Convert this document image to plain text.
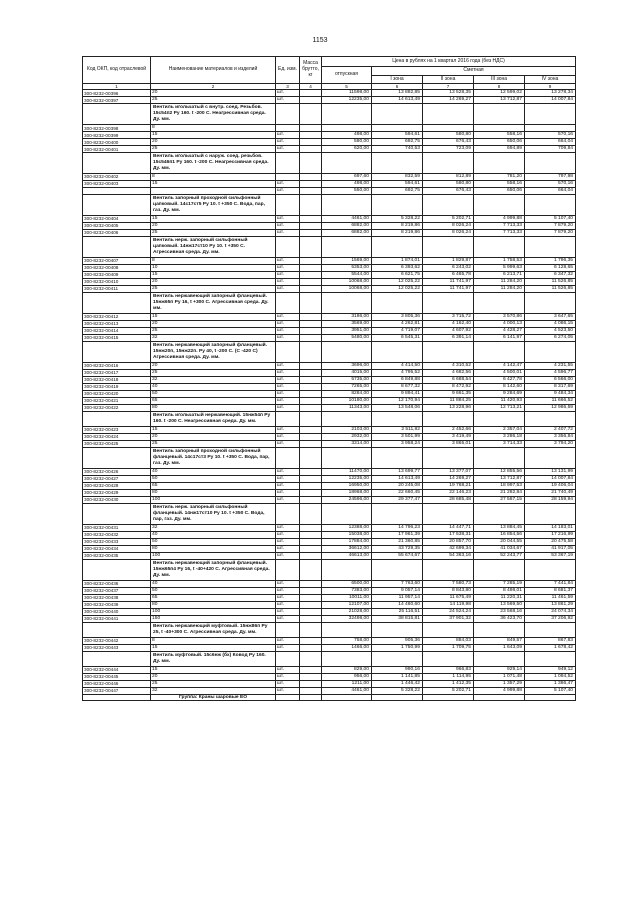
1153
Код ОКП, код отраслевой	Наименование материалов и изделий	Ед. изм.	Масса брутто, кг	Цена в рублях на 1 квартал 2016 года (без НДС)				
				отпускная	Сметная			
					I зона	II зона	III зона	IV зона
1	2	3	4	5	6	7	8	9
300-8232-00396	20	шт.		11598,00	13 882,85	13 528,35	12 599,02	13 278,34
300-8232-00397	25	шт.		12235,00	14 613,49	14 269,27	13 712,87	14 007,84
	Вентиль игольчатый с внутр. соед. Резьбов. 15с54п2 Ру 160. t -200 С. Неагрессивная среда. Ду. мм.							
300-8232-00398	8							
300-8232-00399	15	шт.		498,00	594,61	580,80	558,16	570,16
300-8232-00400	20	шт.		580,00	692,75	676,43	650,06	664,04
300-8232-00401	25	шт.		620,00	740,53	723,09	694,89	709,84
	Вентиль игольчатый с наруж. соед. резьбов. 15с546п1 Ру 160. t -200 С. Неагрессивная среда. Ду. мм.							
300-8232-00402	8			697,60	832,59	812,89	781,20	797,98
300-8232-00403	15	шт.		498,00	594,61	580,80	558,16	570,16
		шт.		550,00	692,75	676,43	650,06	664,04
	Вентиль запорный проходной сильфонный цапковый. 14с17ст5 Ру 10. t +350 С. Вода, пар, газ. Ду. мм.							
300-8232-00404	15	шт.		4461,00	5 328,22	5 202,71	4 999,88	5 107,40
300-8232-00405	20	шт.		6882,00	8 219,86	8 026,24	7 713,33	7 879,20
300-8232-00406	25	шт.		6882,00	8 219,86	8 026,24	7 713,33	7 879,20
	Вентиль нерж. запорный сильфонный цапковый. 14нж17ст10 Ру 10. t +350 С. Агрессивная среда. Ду. мм.							
300-8232-00407	8	шт.		1569,00	1 874,01	1 829,87	1 758,53	1 796,35
300-8232-00408	10	шт.		5353,00	6 393,62	6 243,02	5 999,63	6 128,65
300-8232-00409	15	шт.		5544,00	6 621,75	6 465,78	6 213,71	6 347,32
300-8232-00410	20	шт.		10068,00	12 025,22	11 741,97	11 284,20	11 526,85
300-8232-00411	25	шт.		10068,00	12 025,22	11 741,97	11 284,20	11 526,85
	Вентиль нержавеющий запорный фланцевый. 15нж65п Ру 16, t +300 С. Агрессивная среда. Ду. мм.							
300-8232-00412	15	шт.		3186,00	3 805,36	3 715,72	3 570,86	3 647,65
300-8232-00413	20	шт.		3569,00	4 262,81	4 162,40	4 000,13	4 086,15
300-8232-00414	25	шт.		3951,00	4 719,07	4 607,92	4 428,27	4 523,50
300-8232-00415	32	шт.		5480,00	6 545,31	6 391,14	6 141,97	6 274,05
	Вентиль нержавеющий запорный фланцевый. 15нж20п, 15нж22п. Ру 40, t -200 С. (С -420 С) Агрессивная среда. Ду. мм.							
300-8232-00416	20	шт.		3696,00	4 414,50	4 310,52	4 142,47	4 231,55
300-8232-00417	25	шт.		4015,00	4 795,52	4 682,56	4 500,01	4 596,77
300-8232-00418	32	шт.		5735,00	6 849,88	6 688,54	6 427,78	6 566,00
300-8232-00419	40	шт.		7265,00	8 677,32	8 472,92	8 142,60	8 317,69
300-8232-00420	50	шт.		8284,00	9 894,41	9 661,35	9 284,69	9 484,34
300-8232-00421	65	шт.		10180,00	12 170,94	11 884,25	11 420,93	11 666,52
300-8232-00422	80	шт.		11343,00	13 548,06	13 228,96	12 713,21	12 986,59
	Вентиль игольчатый нержавеющий. 15нж54п Ру 160. t -200 С. Неагрессивная среда. Ду. мм.							
300-8232-00423	15	шт.		2103,00	2 511,82	2 452,66	2 357,04	2 407,72
300-8232-00424	20	шт.		2932,00	3 501,99	3 419,49	3 286,18	3 356,84
300-8232-00425	25	шт.		3314,00	3 958,24	3 865,01	3 714,33	3 794,20
	Вентиль запорный проходной сильфонный фланцевый. 14с17ст3 Ру 10. t +350 С. Вода, пар, газ. Ду. мм.							
300-8232-00426	40	шт.		11470,00	13 699,77	13 377,07	12 855,56	13 131,99
300-8232-00427	50	шт.		12235,00	14 613,49	14 269,27	13 712,87	14 007,84
300-8232-00428	65	шт.		16950,00	20 245,08	19 768,21	18 997,53	19 406,04
300-8232-00429	80	шт.		18968,00	22 660,45	22 146,23	21 282,84	21 740,49
300-8232-00430	100	шт.		24596,00	29 377,47	28 685,48	27 567,15	28 159,94
	Вентиль нерж. запорный сильфонный фланцевый. 14нж17ст10 Ру 10. t +350 С. Вода, пар, газ. Ду. мм.							
300-8232-00431	32	шт.		12388,00	14 796,23	14 447,71	13 884,45	14 183,01
300-8232-00432	40	шт.		15038,00	17 961,39	17 538,31	16 854,56	17 216,99
300-8232-00433	50	шт.		17884,00	21 360,85	20 857,70	20 044,55	20 475,58
300-8232-00434	80	шт.		36612,00	43 729,35	42 699,34	41 034,67	41 917,05
300-8232-00435	100	шт.		46613,00	55 674,67	54 363,16	52 243,77	53 367,19
	Вентиль нержавеющий запорный фланцевый. 15нж65п4 Ру 16, t -40+420 С. Агрессивная среда. Ду. мм.							
300-8232-00436	40	шт.		6500,00	7 763,60	7 580,73	7 285,19	7 441,84
300-8232-00437	50	шт.		7383,00	9 057,14	8 843,80	8 498,01	8 681,37
300-8232-00438	65	шт.		10011,00	11 957,14	11 675,49	11 220,31	11 461,59
300-8232-00439	80	шт.		12107,00	14 460,60	14 119,98	13 569,50	13 861,29
300-8232-00440	100	шт.		21028,00	25 116,51	24 524,24	23 568,16	24 074,34
300-8232-00441	150	шт.		32498,00	38 815,81	37 901,32	36 423,70	37 206,92
	Вентиль нержавеющий муфтовый. 15нж86п Ру 25, t -40+300 С. Агрессивная среда. Ду. мм.							
300-8232-00442	8	шт.		758,00	905,36	884,03	849,57	867,83
300-8232-00443	15	шт.		1466,00	1 750,99	1 709,75	1 643,09	1 678,42
	Вентиль муфтовый. 15с6нж (бх) Ковод Ру 160. Ду. мм.							
300-8232-00444	15	шт.		829,00	990,16	966,83	929,14	949,12
300-8232-00445	20	шт.		956,00	1 141,85	1 114,95	1 071,48	1 094,52
300-8232-00446	25	шт.		1211,00	1 446,42	1 412,35	1 357,29	1 386,47
300-8232-00447	32	шт.		4461,00	5 328,22	5 202,71	4 999,88	5 107,40
	Группа: Краны шаровые ЕО							
